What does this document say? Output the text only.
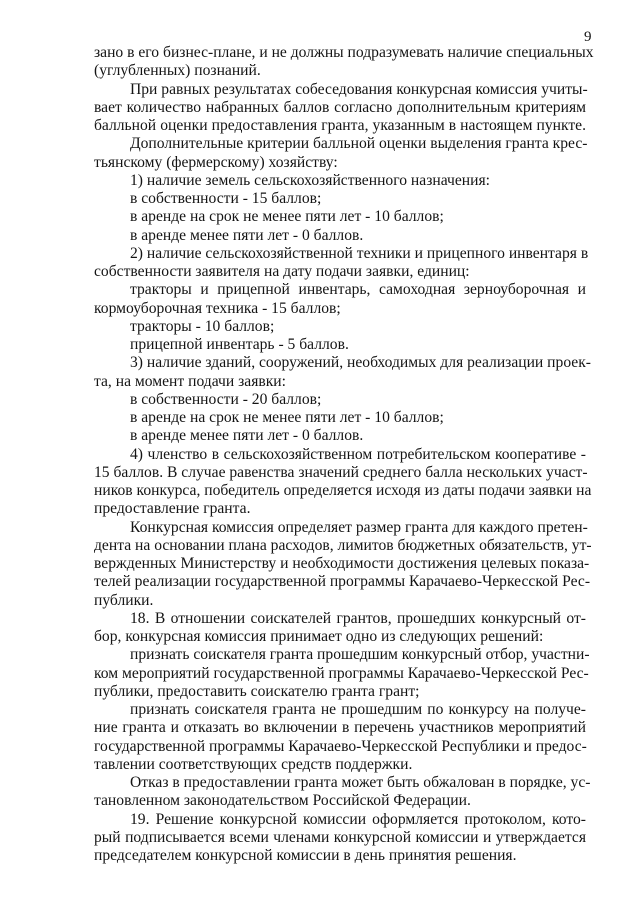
9
зано в его бизнес-плане, и не должны подразумевать наличие специальных
(углубленных) познаний.
При равных результатах собеседования конкурсная комиссия учиты-
вает количество набранных баллов согласно дополнительным критериям
балльной оценки предоставления гранта, указанным в настоящем пункте.
Дополнительные критерии балльной оценки выделения гранта крес-
тьянскому (фермерскому) хозяйству:
1) наличие земель сельскохозяйственного назначения:
в собственности - 15 баллов;
в аренде на срок не менее пяти лет - 10 баллов;
в аренде менее пяти лет - 0 баллов.
2) наличие сельскохозяйственной техники и прицепного инвентаря в
собственности заявителя на дату подачи заявки, единиц:
тракторы и прицепной инвентарь, самоходная зерноуборочная и
кормоуборочная техника - 15 баллов;
тракторы - 10 баллов;
прицепной инвентарь - 5 баллов.
3) наличие зданий, сооружений, необходимых для реализации проек-
та, на момент подачи заявки:
в собственности - 20 баллов;
в аренде на срок не менее пяти лет - 10 баллов;
в аренде менее пяти лет - 0 баллов.
4) членство в сельскохозяйственном потребительском кооперативе -
15 баллов. В случае равенства значений среднего балла нескольких участ-
ников конкурса, победитель определяется исходя из даты подачи заявки на
предоставление гранта.
Конкурсная комиссия определяет размер гранта для каждого претен-
дента на основании плана расходов, лимитов бюджетных обязательств, ут-
вержденных Министерству и необходимости достижения целевых показа-
телей реализации государственной программы Карачаево-Черкесской Рес-
публики.
18. В отношении соискателей грантов, прошедших конкурсный от-
бор, конкурсная комиссия принимает одно из следующих решений:
признать соискателя гранта прошедшим конкурсный отбор, участни-
ком мероприятий государственной программы Карачаево-Черкесской Рес-
публики, предоставить соискателю гранта грант;
признать соискателя гранта не прошедшим по конкурсу на получе-
ние гранта и отказать во включении в перечень участников мероприятий
государственной программы Карачаево-Черкесской Республики и предос-
тавлении соответствующих средств поддержки.
Отказ в предоставлении гранта может быть обжалован в порядке, ус-
тановленном законодательством Российской Федерации.
19. Решение конкурсной комиссии оформляется протоколом, кото-
рый подписывается всеми членами конкурсной комиссии и утверждается
председателем конкурсной комиссии в день принятия решения.
